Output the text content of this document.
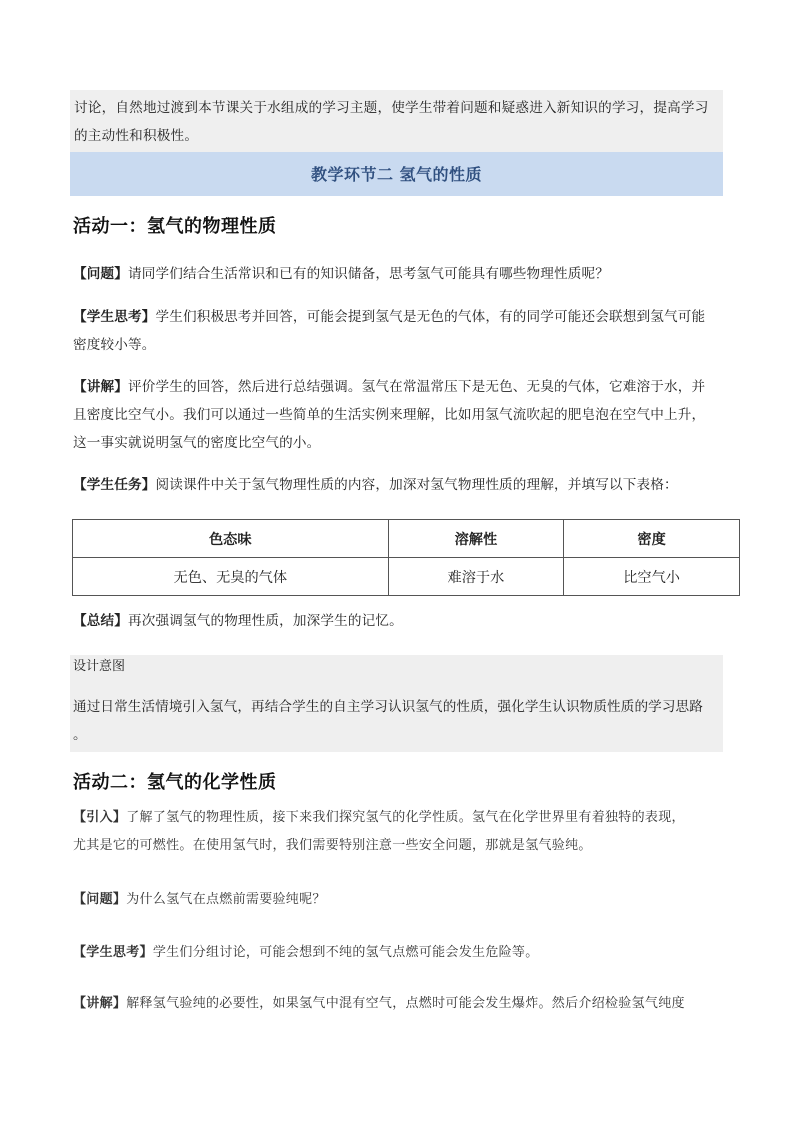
讨论，自然地过渡到本节课关于水组成的学习主题，使学生带着问题和疑惑进入新知识的学习，提高学习

的主动性和积极性。

教学环节二 氢气的性质
活动一：氢气的物理性质

【问题】请同学们结合生活常识和已有的知识储备，思考氢气可能具有哪些物理性质呢？

【学生思考】学生们积极思考并回答，可能会提到氢气是无色的气体，有的同学可能还会联想到氢气可能
密度较小等。

【讲解】评价学生的回答，然后进行总结强调。氢气在常温常压下是无色、无臭的气体，它难溶于水，并
且密度比空气小。我们可以通过一些简单的生活实例来理解，比如用氢气流吹起的肥皂泡在空气中上升，
这一事实就说明氢气的密度比空气的小。

【学生任务】阅读课件中关于氢气物理性质的内容，加深对氢气物理性质的理解，并填写以下表格：

色态味	溶解性	密度
无色、无臭的气体	难溶于水	比空气小

【总结】再次强调氢气的物理性质，加深学生的记忆。

设计意图

通过日常生活情境引入氢气，再结合学生的自主学习认识氢气的性质，强化学生认识物质性质的学习思路
。

活动二：氢气的化学性质

【引入】了解了氢气的物理性质，接下来我们探究氢气的化学性质。氢气在化学世界里有着独特的表现，
尤其是它的可燃性。在使用氢气时，我们需要特别注意一些安全问题，那就是氢气验纯。

【问题】为什么氢气在点燃前需要验纯呢？

【学生思考】学生们分组讨论，可能会想到不纯的氢气点燃可能会发生危险等。

【讲解】解释氢气验纯的必要性，如果氢气中混有空气，点燃时可能会发生爆炸。然后介绍检验氢气纯度
